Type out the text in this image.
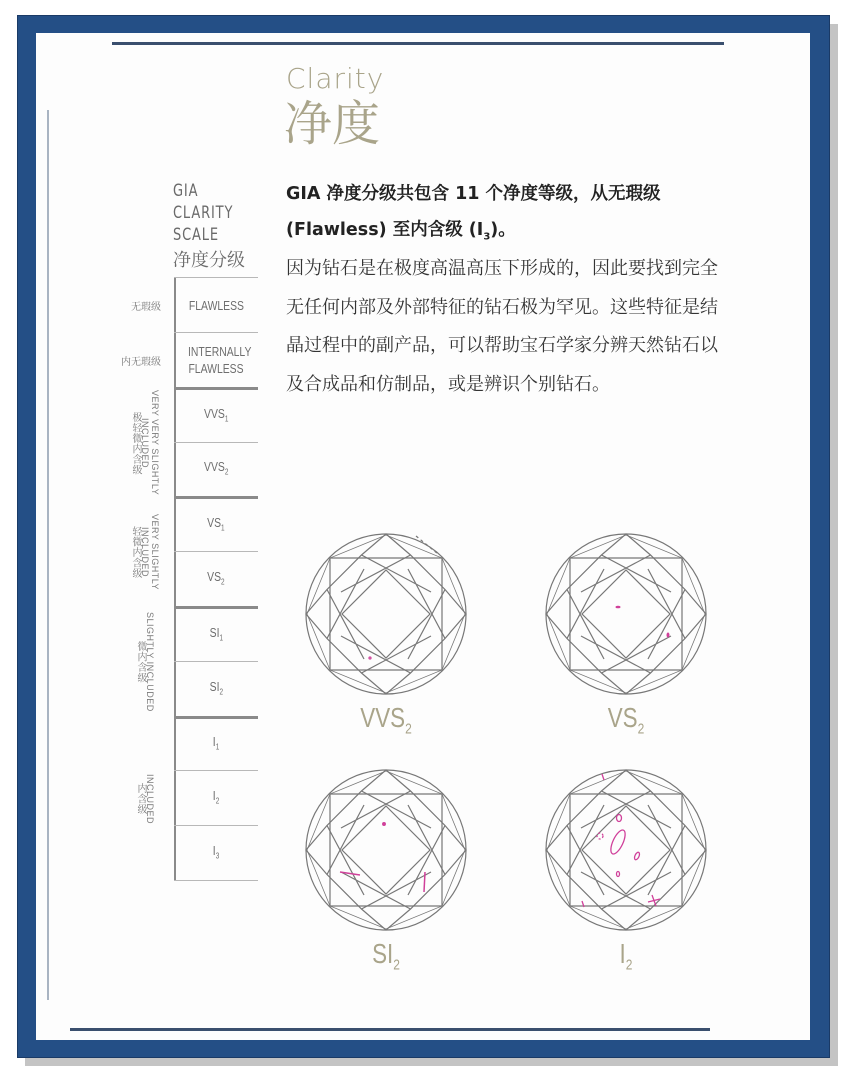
Clarity
净度
GIA
CLARITY
SCALE
净度分级
无瑕级
内无瑕级
VERY VERY SLIGHTLY INCLUDED
极轻微内含级
VERY SLIGHTLY INCLUDED
轻微内含级
SLIGHTLY INCLUDED
微内含级
INCLUDED
内含级
FLAWLESS
INTERNALLY FLAWLESS
$VVS_1$
$VVS_2$
$VS_1$
$VS_2$
$SI_1$
$SI_2$
$I_1$
$I_2$
$I_3$
GIA 净度分级共包含 11 个净度等级，从无瑕级
(Flawless) 至内含级 $(I_3)$。
因为钻石是在极度高温高压下形成的，因此要找到完全无任何内部及外部特征的钻石极为罕见。这些特征是结晶过程中的副产品，可以帮助宝石学家分辨天然钻石以及合成品和仿制品，或是辨识个别钻石。
$VVS_2$	$VS_2$
$SI_2$	$I_2$
